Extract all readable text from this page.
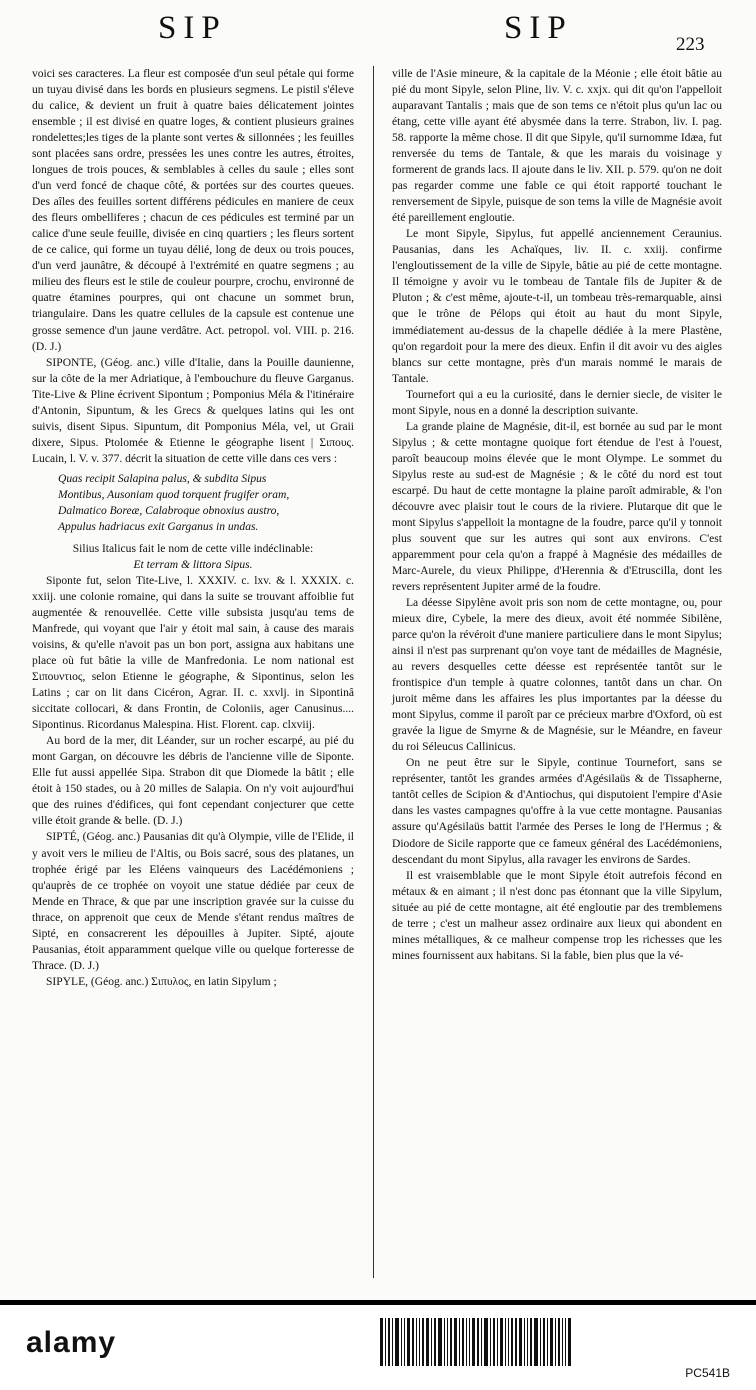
SIP	SIP	223

voici ses caracteres. La fleur est composée d'un seul pétale qui forme un tuyau divisé dans les bords en plusieurs segmens. Le pistil s'éleve du calice, & devient un fruit à quatre baies délicatement jointes ensemble ; il est divisé en quatre loges, & contient plusieurs graines rondelettes;les tiges de la plante sont vertes & sillonnées ; les feuilles sont placées sans ordre, pressées les unes contre les autres, étroites, longues de trois pouces, & semblables à celles du saule ; elles sont d'un verd foncé de chaque côté, & portées sur des courtes queues. Des aîles des feuilles sortent différens pédicules en maniere de ceux des fleurs ombelliferes ; chacun de ces pédicules est terminé par un calice d'une seule feuille, divisée en cinq quartiers ; les fleurs sortent de ce calice, qui forme un tuyau délié, long de deux ou trois pouces, d'un verd jaunâtre, & découpé à l'extrémité en quatre segmens ; au milieu des fleurs est le stile de couleur pourpre, crochu, environné de quatre étamines pourpres, qui ont chacune un sommet brun, triangulaire. Dans les quatre cellules de la capsule est contenue une grosse semence d'un jaune verdâtre. Act. petropol. vol. VIII. p. 216. (D. J.)

SIPONTE, (Géog. anc.) ville d'Italie, dans la Pouille daunienne, sur la côte de la mer Adriatique, à l'embouchure du fleuve Garganus. Tite-Live & Pline écrivent Sipontum ; Pomponius Méla & l'itinéraire d'Antonin, Sipuntum, & les Grecs & quelques latins qui les ont suivis, disent Sipus. Sipuntum, dit Pomponius Méla, vel, ut Graii dixere, Sipus. Ptolomée & Etienne le géographe lisent | Σιπους. Lucain, l. V. v. 377. décrit la situation de cette ville dans ces vers :

Quas recipit Salapina palus, & subdita Sipus
Montibus, Ausoniam quod torquent frugifer oram,
Dalmatico Boreæ, Calabroque obnoxius austro,
Appulus hadriacus exit Garganus in undas.

Silius Italicus fait le nom de cette ville indéclinable:

Et terram & littora Sipus.

Siponte fut, selon Tite-Live, l. XXXIV. c. lxv. & l. XXXIX. c. xxiij. une colonie romaine, qui dans la suite se trouvant affoiblie fut augmentée & renouvellée. Cette ville subsista jusqu'au tems de Manfrede, qui voyant que l'air y étoit mal sain, à cause des marais voisins, & qu'elle n'avoit pas un bon port, assigna aux habitans une place où fut bâtie la ville de Manfredonia. Le nom national est Σιπουντιος, selon Etienne le géographe, & Sipontinus, selon les Latins ; car on lit dans Cicéron, Agrar. II. c. xxvlj. in Sipontinâ siccitate collocari, & dans Frontin, de Coloniis, ager Canusinus.... Sipontinus. Ricordanus Malespina. Hist. Florent. cap. clxviij.

Au bord de la mer, dit Léander, sur un rocher escarpé, au pié du mont Gargan, on découvre les débris de l'ancienne ville de Siponte. Elle fut aussi appellée Sipa. Strabon dit que Diomede la bâtit ; elle étoit à 150 stades, ou à 20 milles de Salapia. On n'y voit aujourd'hui que des ruines d'édifices, qui font cependant conjecturer que cette ville étoit grande & belle. (D. J.)

SIPTÉ, (Géog. anc.) Pausanias dit qu'à Olympie, ville de l'Elide, il y avoit vers le milieu de l'Altis, ou Bois sacré, sous des platanes, un trophée érigé par les Eléens vainqueurs des Lacédémoniens ; qu'auprès de ce trophée on voyoit une statue dédiée par ceux de Mende en Thrace, & que par une inscription gravée sur la cuisse du thrace, on apprenoit que ceux de Mende s'étant rendus maîtres de Sipté, en consacrerent les dépouilles à Jupiter. Sipté, ajoute Pausanias, étoit apparamment quelque ville ou quelque forteresse de Thrace. (D. J.)

SIPYLE, (Géog. anc.) Σιπυλος, en latin Sipylum ;

ville de l'Asie mineure, & la capitale de la Méonie ; elle étoit bâtie au pié du mont Sipyle, selon Pline, liv. V. c. xxjx. qui dit qu'on l'appelloit auparavant Tantalis ; mais que de son tems ce n'étoit plus qu'un lac ou étang, cette ville ayant été abysmée dans la terre. Strabon, liv. I. pag. 58. rapporte la même chose. Il dit que Sipyle, qu'il surnomme Idæa, fut renversée du tems de Tantale, & que les marais du voisinage y formerent de grands lacs. Il ajoute dans le liv. XII. p. 579. qu'on ne doit pas regarder comme une fable ce qui étoit rapporté touchant le renversement de Sipyle, puisque de son tems la ville de Magnésie avoit été pareillement engloutie.

Le mont Sipyle, Sipylus, fut appellé anciennement Ceraunius. Pausanias, dans les Achaïques, liv. II. c. xxiij. confirme l'engloutissement de la ville de Sipyle, bâtie au pié de cette montagne. Il témoigne y avoir vu le tombeau de Tantale fils de Jupiter & de Pluton ; & c'est même, ajoute-t-il, un tombeau très-remarquable, ainsi que le trône de Pélops qui étoit au haut du mont Sipyle, immédiatement au-dessus de la chapelle dédiée à la mere Plastène, qu'on regardoit pour la mere des dieux. Enfin il dit avoir vu des aigles blancs sur cette montagne, près d'un marais nommé le marais de Tantale.

Tournefort qui a eu la curiosité, dans le dernier siecle, de visiter le mont Sipyle, nous en a donné la description suivante.

La grande plaine de Magnésie, dit-il, est bornée au sud par le mont Sipylus ; & cette montagne quoique fort étendue de l'est à l'ouest, paroît beaucoup moins élevée que le mont Olympe. Le sommet du Sipylus reste au sud-est de Magnésie ; & le côté du nord est tout escarpé. Du haut de cette montagne la plaine paroît admirable, & l'on découvre avec plaisir tout le cours de la riviere. Plutarque dit que le mont Sipylus s'appelloit la montagne de la foudre, parce qu'il y tonnoit plus souvent que sur les autres qui sont aux environs. C'est apparemment pour cela qu'on a frappé à Magnésie des médailles de Marc-Aurele, du vieux Philippe, d'Herennia & d'Etruscilla, dont les revers représentent Jupiter armé de la foudre.

La déesse Sipylène avoit pris son nom de cette montagne, ou, pour mieux dire, Cybele, la mere des dieux, avoit été nommée Sibilène, parce qu'on la révéroit d'une maniere particuliere dans le mont Sipylus; ainsi il n'est pas surprenant qu'on voye tant de médailles de Magnésie, au revers desquelles cette déesse est représentée tantôt sur le frontispice d'un temple à quatre colonnes, tantôt dans un char. On juroit même dans les affaires les plus importantes par la déesse du mont Sipylus, comme il paroît par ce précieux marbre d'Oxford, où est gravée la ligue de Smyrne & de Magnésie, sur le Méandre, en faveur du roi Séleucus Callinicus.

On ne peut être sur le Sipyle, continue Tournefort, sans se représenter, tantôt les grandes armées d'Agésilaüs & de Tissapherne, tantôt celles de Scipion & d'Antiochus, qui disputoient l'empire d'Asie dans les vastes campagnes qu'offre à la vue cette montagne. Pausanias assure qu'Agésilaüs battit l'armée des Perses le long de l'Hermus ; & Diodore de Sicile rapporte que ce fameux général des Lacédémoniens, descendant du mont Sipylus, alla ravager les environs de Sardes.

Il est vraisemblable que le mont Sipyle étoit autrefois fécond en métaux & en aimant ; il n'est donc pas étonnant que la ville Sipylum, située au pié de cette montagne, ait été engloutie par des tremblemens de terre ; c'est un malheur assez ordinaire aux lieux qui abondent en mines métalliques, & ce malheur compense trop les richesses que les mines fournissent aux habitans. Si la fable, bien plus que la vé-

alamy
PC541B
